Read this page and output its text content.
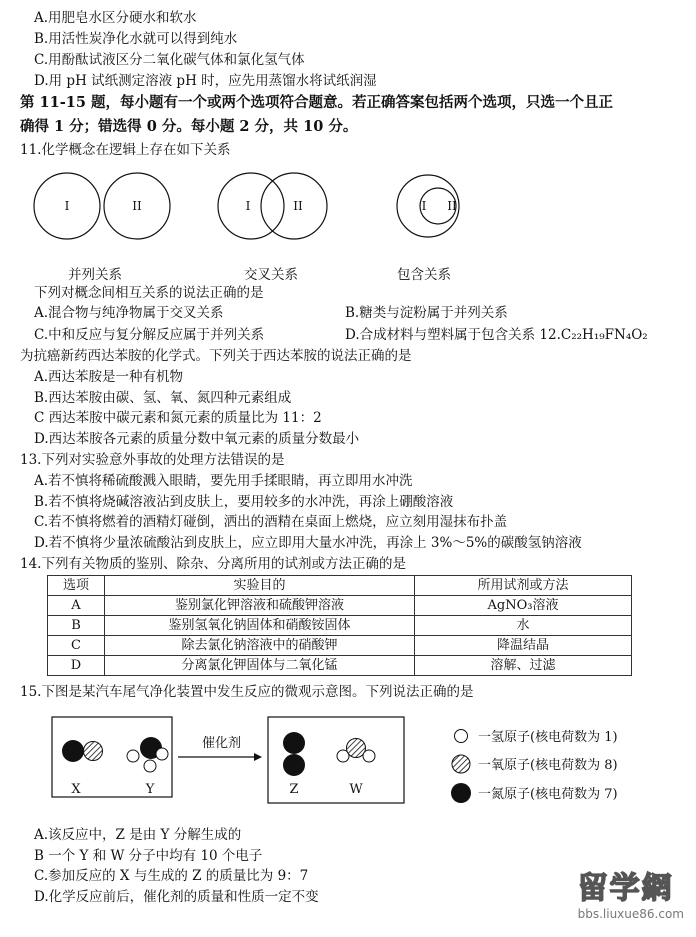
A.用肥皂水区分硬水和软水
B.用活性炭净化水就可以得到纯水
C.用酚酞试液区分二氧化碳气体和氯化氢气体
D.用 pH 试纸测定溶液 pH 时，应先用蒸馏水将试纸润湿
第 11-15 题，每小题有一个或两个选项符合题意。若正确答案包括两个选项，只选一个且正
确得 1 分；错选得 0 分。每小题 2 分，共 10 分。
11.化学概念在逻辑上存在如下关系
I	II	I	II	I II
并列关系	交叉关系	包含关系
下列对概念间相互关系的说法正确的是
A.混合物与纯净物属于交叉关系	B.糖类与淀粉属于并列关系
C.中和反应与复分解反应属于并列关系	D.合成材料与塑料属于包含关系 12.C₂₂H₁₉FN₄O₂
为抗癌新药西达苯胺的化学式。下列关于西达苯胺的说法正确的是
A.西达苯胺是一种有机物
B.西达苯胺由碳、氢、氧、氮四种元素组成
C 西达苯胺中碳元素和氮元素的质量比为 11：2
D.西达苯胺各元素的质量分数中氧元素的质量分数最小
13.下列对实验意外事故的处理方法错误的是
A.若不慎将稀硫酸溅入眼睛，要先用手揉眼睛，再立即用水冲洗
B.若不慎将烧碱溶液沾到皮肤上，要用较多的水冲洗，再涂上硼酸溶液
C.若不慎将燃着的酒精灯碰倒，洒出的酒精在桌面上燃烧，应立刻用湿抹布扑盖
D.若不慎将少量浓硫酸沾到皮肤上，应立即用大量水冲洗，再涂上 3%～5%的碳酸氢钠溶液
14.下列有关物质的鉴别、除杂、分离所用的试剂或方法正确的是
选项	实验目的	所用试剂或方法
A	鉴别氯化钾溶液和硫酸钾溶液	AgNO₃溶液
B	鉴别氢氧化钠固体和硝酸铵固体	水
C	除去氯化钠溶液中的硝酸钾	降温结晶
D	分离氯化钾固体与二氧化锰	溶解、过滤
15.下图是某汽车尾气净化装置中发生反应的微观示意图。下列说法正确的是
催化剂
X	Y	Z	W
一氢原子(核电荷数为 1)
一氧原子(核电荷数为 8)
一氮原子(核电荷数为 7)
A.该反应中，Z 是由 Y 分解生成的
B 一个 Y 和 W 分子中均有 10 个电子
C.参加反应的 X 与生成的 Z 的质量比为 9：7
D.化学反应前后，催化剂的质量和性质一定不变	留学網
bbs.liuxue86.com
